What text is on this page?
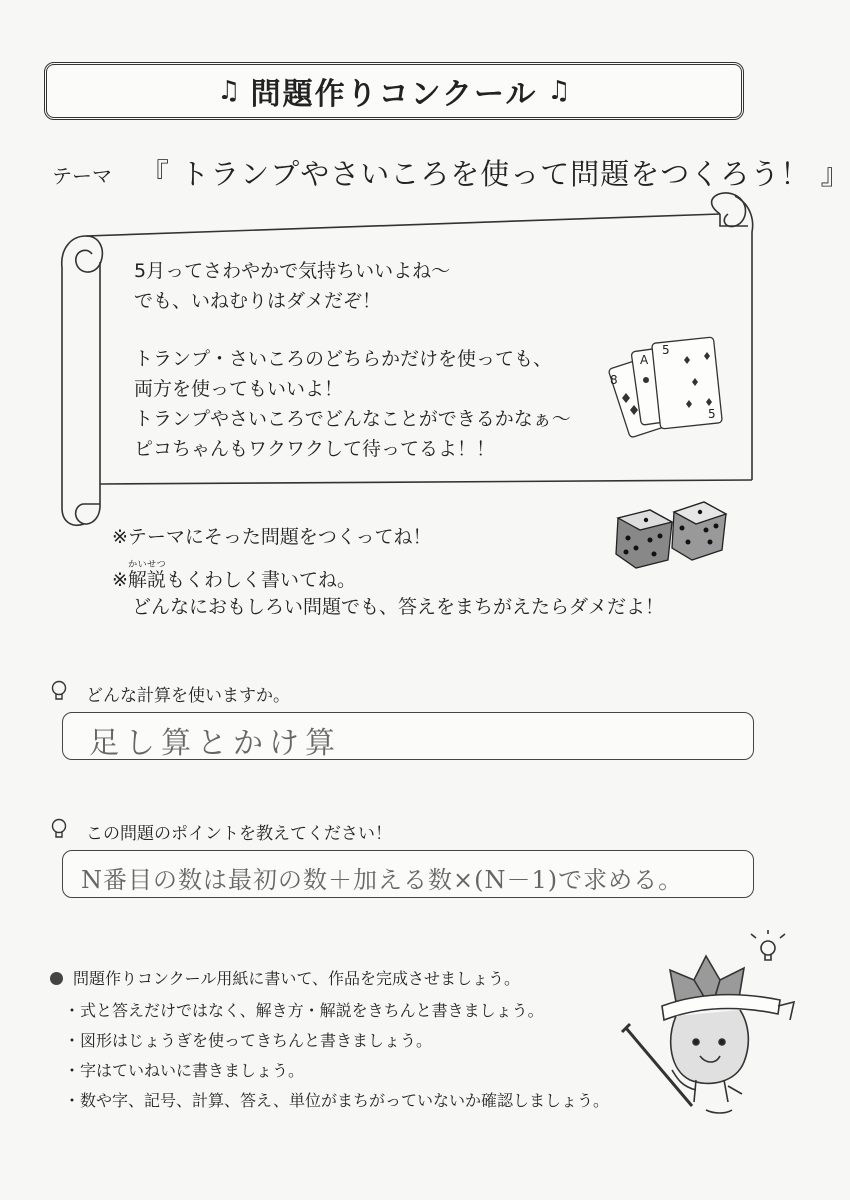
♫ 問題作りコンクール ♫
テーマ 『 トランプやさいころを使って問題をつくろう！ 』
5月ってさわやかで気持ちいいよね～
でも、いねむりはダメだぞ！
トランプ・さいころのどちらかだけを使っても、
両方を使ってもいいよ！
トランプやさいころでどんなことができるかなぁ～
ピコちゃんもワクワクして待ってるよ！！
8
A
5
5
※テーマにそった問題をつくってね！
※解説かいせつもくわしく書いてね。
どんなにおもしろい問題でも、答えをまちがえたらダメだよ！
どんな計算を使いますか。
足し算とかけ算
この問題のポイントを教えてください！
N番目の数は最初の数＋加える数×(N－1)で求める。
問題作りコンクール用紙に書いて、作品を完成させましょう。
・式と答えだけではなく、解き方・解説をきちんと書きましょう。
・図形はじょうぎを使ってきちんと書きましょう。
・字はていねいに書きましょう。
・数や字、記号、計算、答え、単位がまちがっていないか確認しましょう。
